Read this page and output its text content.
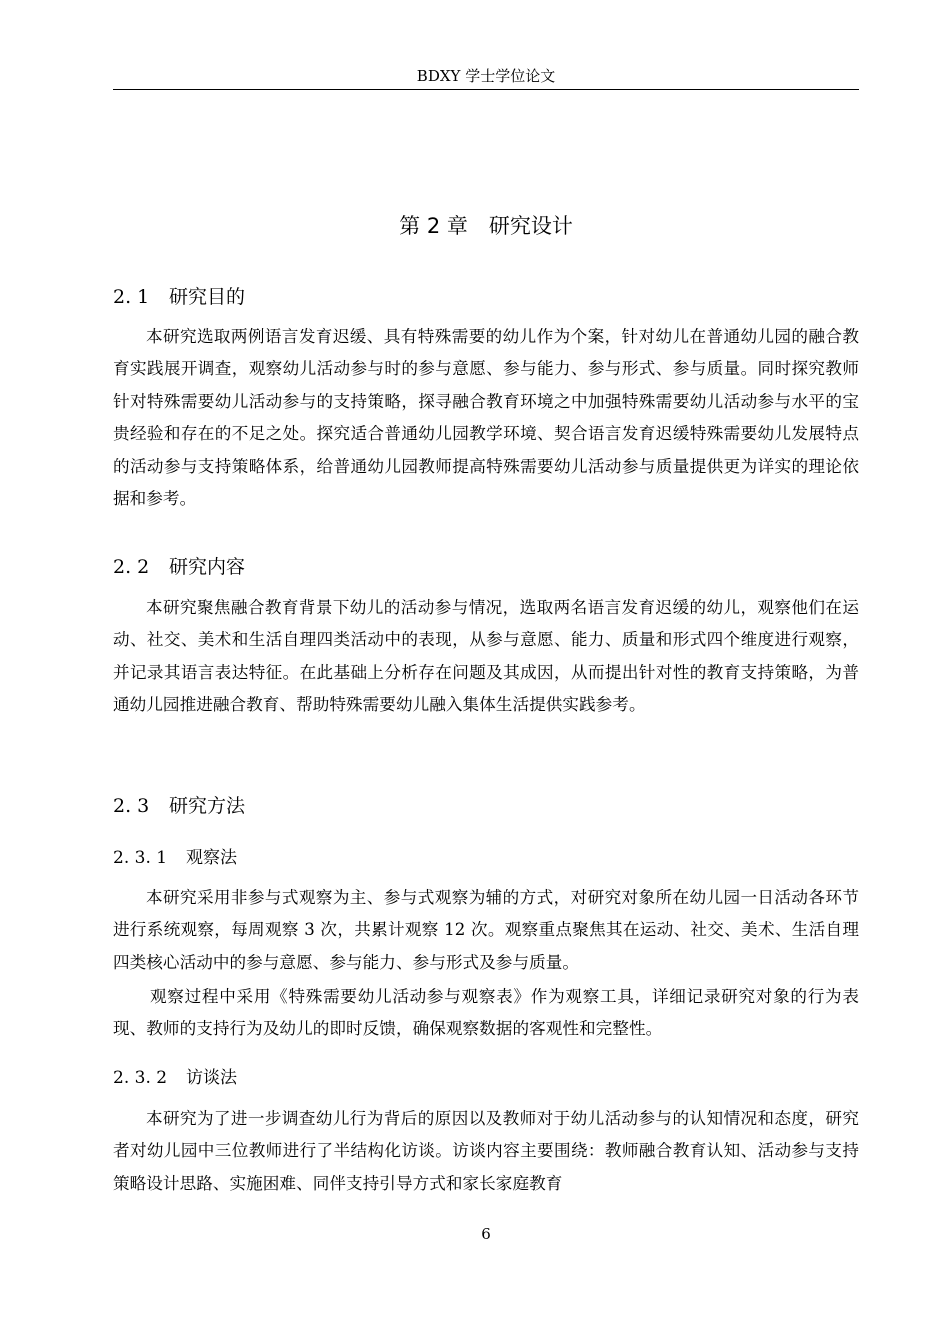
BDXY 学士学位论文
第 2 章　研究设计
2. 1 研究目的

本研究选取两例语言发育迟缓、具有特殊需要的幼儿作为个案，针对幼儿在普通幼儿园的融合教育实践展开调查，观察幼儿活动参与时的参与意愿、参与能力、参与形式、参与质量。同时探究教师针对特殊需要幼儿活动参与的支持策略，探寻融合教育环境之中加强特殊需要幼儿活动参与水平的宝贵经验和存在的不足之处。探究适合普通幼儿园教学环境、契合语言发育迟缓特殊需要幼儿发展特点的活动参与支持策略体系，给普通幼儿园教师提高特殊需要幼儿活动参与质量提供更为详实的理论依据和参考。

2. 2 研究内容

本研究聚焦融合教育背景下幼儿的活动参与情况，选取两名语言发育迟缓的幼儿，观察他们在运动、社交、美术和生活自理四类活动中的表现，从参与意愿、能力、质量和形式四个维度进行观察，并记录其语言表达特征。在此基础上分析存在问题及其成因，从而提出针对性的教育支持策略，为普通幼儿园推进融合教育、帮助特殊需要幼儿融入集体生活提供实践参考。

2. 3 研究方法
2. 3. 1 观察法

本研究采用非参与式观察为主、参与式观察为辅的方式，对研究对象所在幼儿园一日活动各环节进行系统观察，每周观察 3 次，共累计观察 12 次。观察重点聚焦其在运动、社交、美术、生活自理四类核心活动中的参与意愿、参与能力、参与形式及参与质量。

观察过程中采用《特殊需要幼儿活动参与观察表》作为观察工具，详细记录研究对象的行为表现、教师的支持行为及幼儿的即时反馈，确保观察数据的客观性和完整性。

2. 3. 2 访谈法

本研究为了进一步调查幼儿行为背后的原因以及教师对于幼儿活动参与的认知情况和态度，研究者对幼儿园中三位教师进行了半结构化访谈。访谈内容主要围绕：教师融合教育认知、活动参与支持策略设计思路、实施困难、同伴支持引导方式和家长家庭教育

6
